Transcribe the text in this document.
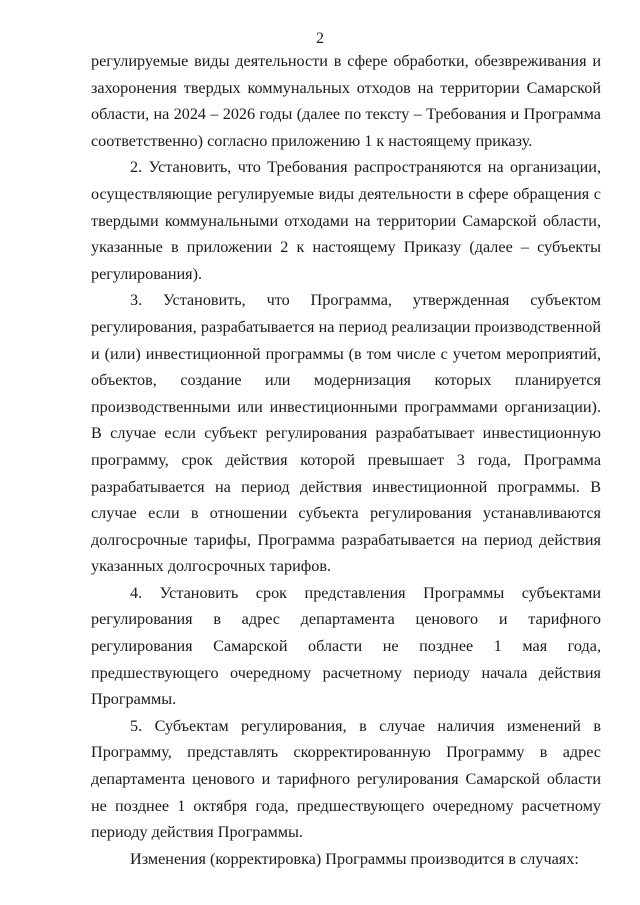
2

регулируемые виды деятельности в сфере обработки, обезвреживания и захоронения твердых коммунальных отходов на территории Самарской области, на 2024 – 2026 годы (далее по тексту – Требования и Программа соответственно) согласно приложению 1 к настоящему приказу.

2. Установить, что Требования распространяются на организации, осуществляющие регулируемые виды деятельности в сфере обращения с твердыми коммунальными отходами на территории Самарской области, указанные в приложении 2 к настоящему Приказу (далее – субъекты регулирования).

3. Установить, что Программа, утвержденная субъектом регулирования, разрабатывается на период реализации производственной и (или) инвестиционной программы (в том числе с учетом мероприятий, объектов, создание или модернизация которых планируется производственными или инвестиционными программами организации). В случае если субъект регулирования разрабатывает инвестиционную программу, срок действия которой превышает 3 года, Программа разрабатывается на период действия инвестиционной программы. В случае если в отношении субъекта регулирования устанавливаются долгосрочные тарифы, Программа разрабатывается на период действия указанных долгосрочных тарифов.

4. Установить срок представления Программы субъектами регулирования в адрес департамента ценового и тарифного регулирования Самарской области не позднее 1 мая года, предшествующего очередному расчетному периоду начала действия Программы.

5. Субъектам регулирования, в случае наличия изменений в Программу, представлять скорректированную Программу в адрес департамента ценового и тарифного регулирования Самарской области не позднее 1 октября года, предшествующего очередному расчетному периоду действия Программы.

Изменения (корректировка) Программы производится в случаях:
